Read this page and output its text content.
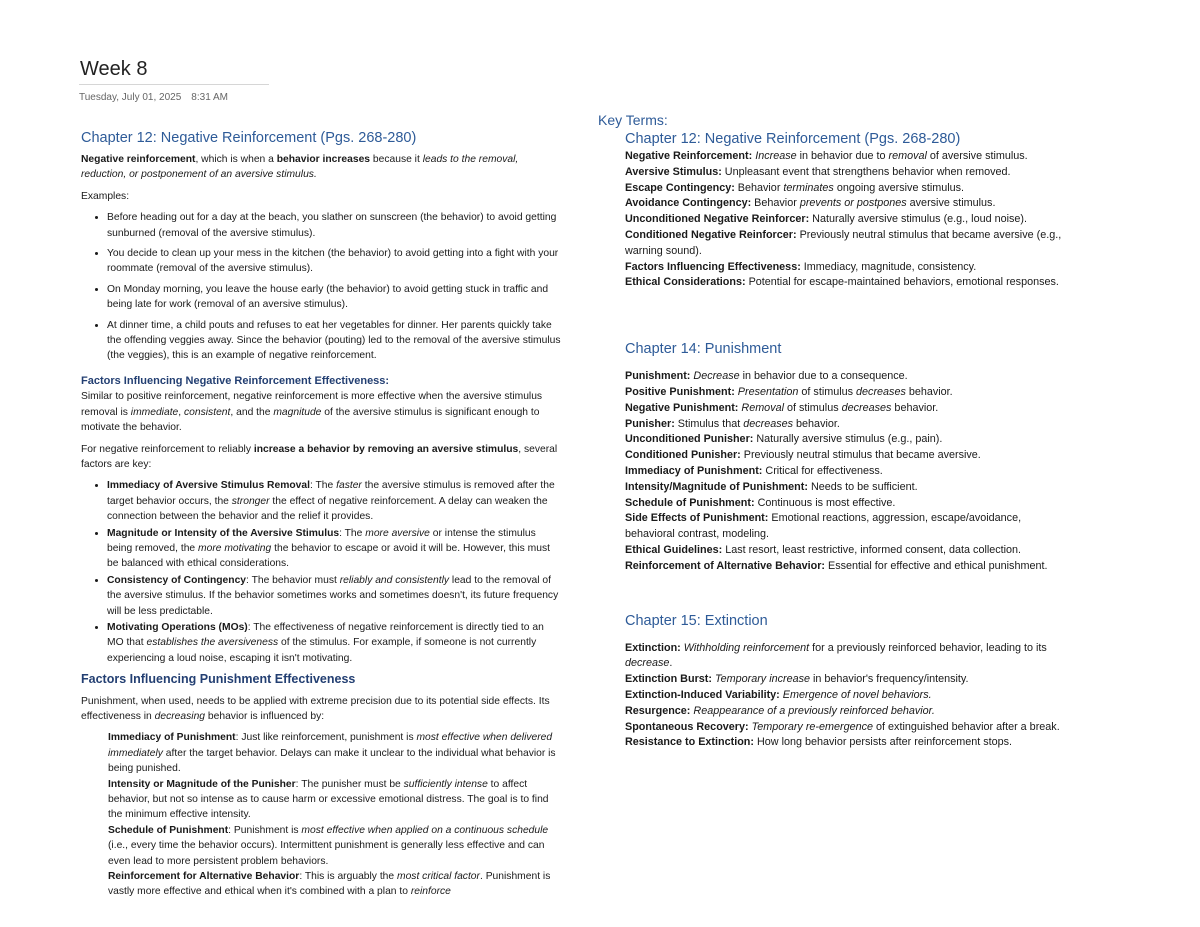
Week 8
Tuesday, July 01, 2025 8:31 AM
Chapter 12: Negative Reinforcement (Pgs. 268-280)

Negative reinforcement, which is when a behavior increases because it leads to the removal, reduction, or postponement of an aversive stimulus.

Examples:

• Before heading out for a day at the beach, you slather on sunscreen (the behavior) to avoid getting sunburned (removal of the aversive stimulus).
• You decide to clean up your mess in the kitchen (the behavior) to avoid getting into a fight with your roommate (removal of the aversive stimulus).
• On Monday morning, you leave the house early (the behavior) to avoid getting stuck in traffic and being late for work (removal of an aversive stimulus).
• At dinner time, a child pouts and refuses to eat her vegetables for dinner. Her parents quickly take the offending veggies away. Since the behavior (pouting) led to the removal of the aversive stimulus (the veggies), this is an example of negative reinforcement.
Factors Influencing Negative Reinforcement Effectiveness:

Similar to positive reinforcement, negative reinforcement is more effective when the aversive stimulus removal is immediate, consistent, and the magnitude of the aversive stimulus is significant enough to motivate the behavior.

For negative reinforcement to reliably increase a behavior by removing an aversive stimulus, several factors are key:

• Immediacy of Aversive Stimulus Removal: The faster the aversive stimulus is removed after the target behavior occurs, the stronger the effect of negative reinforcement. A delay can weaken the connection between the behavior and the relief it provides.
• Magnitude or Intensity of the Aversive Stimulus: The more aversive or intense the stimulus being removed, the more motivating the behavior to escape or avoid it will be. However, this must be balanced with ethical considerations.
• Consistency of Contingency: The behavior must reliably and consistently lead to the removal of the aversive stimulus. If the behavior sometimes works and sometimes doesn't, its future frequency will be less predictable.
• Motivating Operations (MOs): The effectiveness of negative reinforcement is directly tied to an MO that establishes the aversiveness of the stimulus. For example, if someone is not currently experiencing a loud noise, escaping it isn't motivating.
Factors Influencing Punishment Effectiveness

Punishment, when used, needs to be applied with extreme precision due to its potential side effects. Its effectiveness in decreasing behavior is influenced by:

Immediacy of Punishment: Just like reinforcement, punishment is most effective when delivered immediately after the target behavior. Delays can make it unclear to the individual what behavior is being punished.
Intensity or Magnitude of the Punisher: The punisher must be sufficiently intense to affect behavior, but not so intense as to cause harm or excessive emotional distress. The goal is to find the minimum effective intensity.
Schedule of Punishment: Punishment is most effective when applied on a continuous schedule (i.e., every time the behavior occurs). Intermittent punishment is generally less effective and can even lead to more persistent problem behaviors.
Reinforcement for Alternative Behavior: This is arguably the most critical factor. Punishment is vastly more effective and ethical when it's combined with a plan to reinforce
Key Terms:
Chapter 12: Negative Reinforcement (Pgs. 268-280)
Negative Reinforcement: Increase in behavior due to removal of aversive stimulus.
Aversive Stimulus: Unpleasant event that strengthens behavior when removed.
Escape Contingency: Behavior terminates ongoing aversive stimulus.
Avoidance Contingency: Behavior prevents or postpones aversive stimulus.
Unconditioned Negative Reinforcer: Naturally aversive stimulus (e.g., loud noise).
Conditioned Negative Reinforcer: Previously neutral stimulus that became aversive (e.g., warning sound).
Factors Influencing Effectiveness: Immediacy, magnitude, consistency.
Ethical Considerations: Potential for escape-maintained behaviors, emotional responses.
Chapter 14: Punishment
Punishment: Decrease in behavior due to a consequence.
Positive Punishment: Presentation of stimulus decreases behavior.
Negative Punishment: Removal of stimulus decreases behavior.
Punisher: Stimulus that decreases behavior.
Unconditioned Punisher: Naturally aversive stimulus (e.g., pain).
Conditioned Punisher: Previously neutral stimulus that became aversive.
Immediacy of Punishment: Critical for effectiveness.
Intensity/Magnitude of Punishment: Needs to be sufficient.
Schedule of Punishment: Continuous is most effective.
Side Effects of Punishment: Emotional reactions, aggression, escape/avoidance, behavioral contrast, modeling.
Ethical Guidelines: Last resort, least restrictive, informed consent, data collection.
Reinforcement of Alternative Behavior: Essential for effective and ethical punishment.
Chapter 15: Extinction
Extinction: Withholding reinforcement for a previously reinforced behavior, leading to its decrease.
Extinction Burst: Temporary increase in behavior's frequency/intensity.
Extinction-Induced Variability: Emergence of novel behaviors.
Resurgence: Reappearance of a previously reinforced behavior.
Spontaneous Recovery: Temporary re-emergence of extinguished behavior after a break.
Resistance to Extinction: How long behavior persists after reinforcement stops.
